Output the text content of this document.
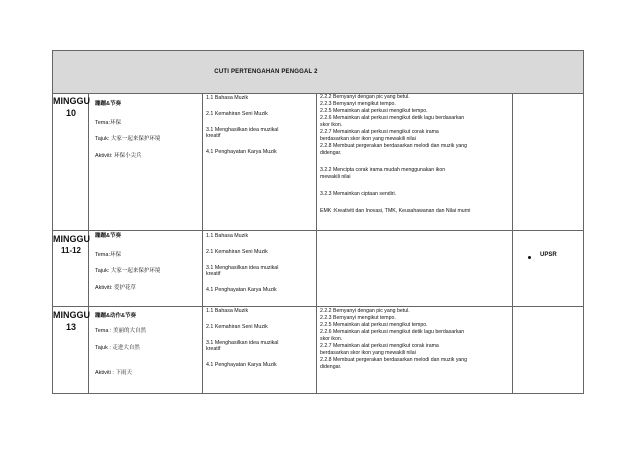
CUTI PERTENGAHAN PENGGAL 2
MINGGU
10
蹦蹦&节奏
Tema:环保
Tajuk: 大家一起来保护环境
Aktiviti: 环保小尖兵
1.1 Bahasa Muzik
2.1 Kemahiran Seni Muzik
3.1 Menghasilkan idea muzikal
kreatif
4.1 Penghayatan Karya Muzik
2.2.2 Bernyanyi dengan pic yang betul.
2.2.3 Bernyanyi mengikut tempo.
2.2.5 Memainkan alat perkusi mengikut tempo.
2.2.6 Memainkan alat perkusi mengikut detik lagu berdasarkan
skor ikon.
2.2.7 Memainkan alat perkusi mengikut corak irama
berdasarkan skor ikon yang mewakili nilai
2.2.8 Membuat pergerakan berdasarkan melodi dan muzik yang
didengar.
3.2.2 Mencipta corak irama mudah menggunakan ikon
mewakili nilai
3.2.3 Memainkan ciptaan sendiri.
EMK :Kreativiti dan Inovasi, TMK, Keusahawanan dan Nilai murni
MINGGU
11-12
蹦蹦&节奏
Tema:环保
Tajuk: 大家一起来保护环境
Aktiviti: 爱护花草
1.1 Bahasa Muzik
2.1 Kemahiran Seni Muzik
3.1 Menghasilkan idea muzikal
kreatif
4.1 Penghayatan Karya Muzik
UPSR
MINGGU
13
蹦蹦&动作&节奏
Tema : 美丽的大自然
Tajuk : 走进大自然
Aktiviti : 下雨天
1.1 Bahasa Muzik
2.1 Kemahiran Seni Muzik
3.1 Menghasilkan idea muzikal
kreatif
4.1 Penghayatan Karya Muzik
2.2.2 Bernyanyi dengan pic yang betul.
2.2.3 Bernyanyi mengikut tempo.
2.2.5 Memainkan alat perkusi mengikut tempo.
2.2.6 Memainkan alat perkusi mengikut detik lagu berdasarkan
skor ikon.
2.2.7 Memainkan alat perkusi mengikut corak irama
berdasarkan skor ikon yang mewakili nilai
2.2.8 Membuat pergerakan berdasarkan melodi dan muzik yang
didengar.
